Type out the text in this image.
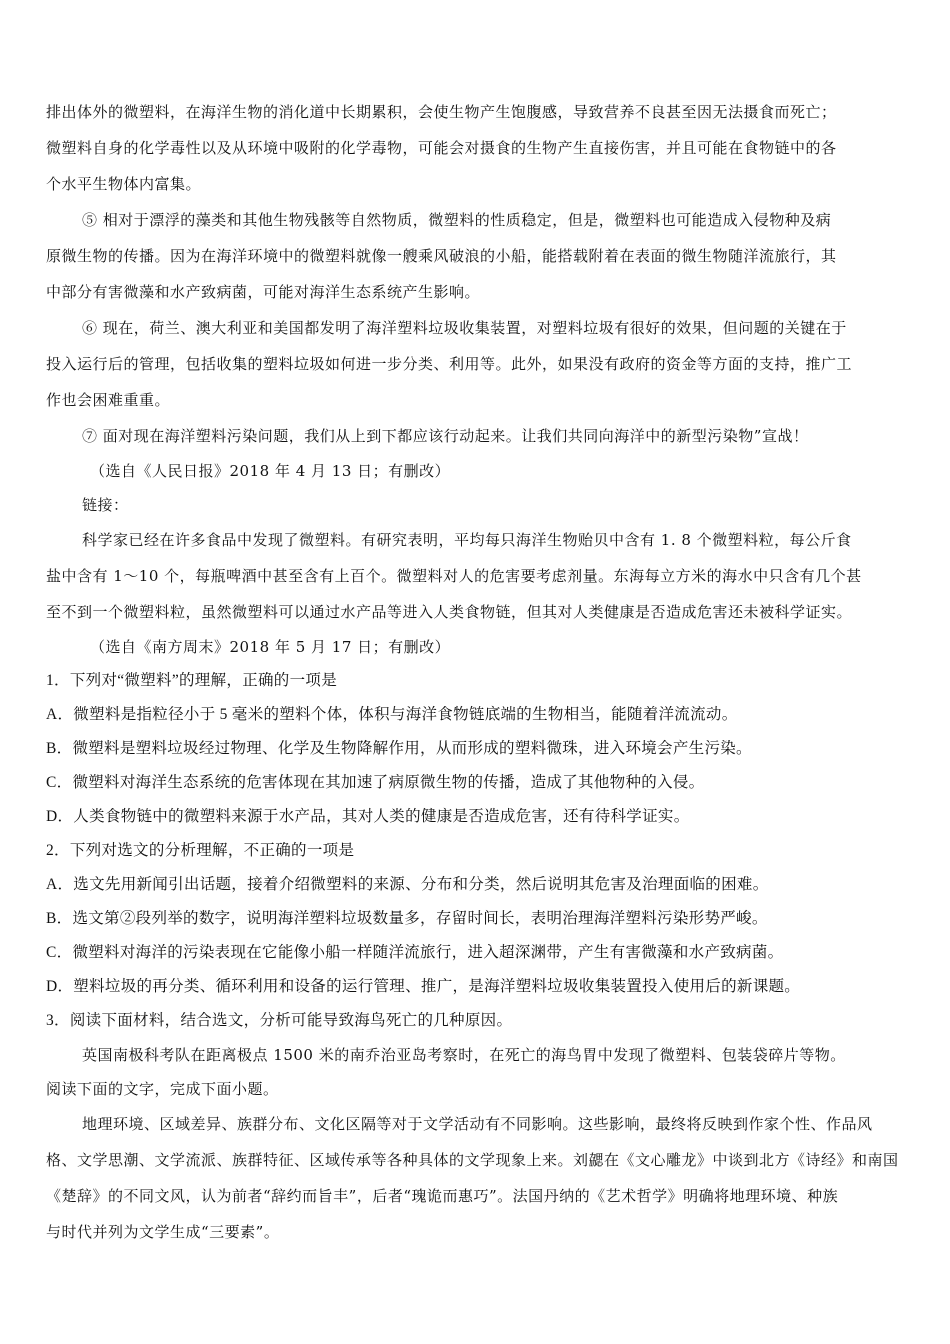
排出体外的微塑料，在海洋生物的消化道中长期累积，会使生物产生饱腹感，导致营养不良甚至因无法摄食而死亡；
微塑料自身的化学毒性以及从环境中吸附的化学毒物，可能会对摄食的生物产生直接伤害，并且可能在食物链中的各
个水平生物体内富集。
⑤ 相对于漂浮的藻类和其他生物残骸等自然物质，微塑料的性质稳定，但是，微塑料也可能造成入侵物种及病
原微生物的传播。因为在海洋环境中的微塑料就像一艘乘风破浪的小船，能搭载附着在表面的微生物随洋流旅行，其
中部分有害微藻和水产致病菌，可能对海洋生态系统产生影响。
⑥ 现在，荷兰、澳大利亚和美国都发明了海洋塑料垃圾收集装置，对塑料垃圾有很好的效果，但问题的关键在于
投入运行后的管理，包括收集的塑料垃圾如何进一步分类、利用等。此外，如果没有政府的资金等方面的支持，推广工
作也会困难重重。
⑦ 面对现在海洋塑料污染问题，我们从上到下都应该行动起来。让我们共同向海洋中的新型污染物”宣战！
（选自《人民日报》2018 年 4 月 13 日；有删改）
链接：
科学家已经在许多食品中发现了微塑料。有研究表明，平均每只海洋生物贻贝中含有 1. 8 个微塑料粒，每公斤食
盐中含有 1～10 个，每瓶啤酒中甚至含有上百个。微塑料对人的危害要考虑剂量。东海每立方米的海水中只含有几个甚
至不到一个微塑料粒，虽然微塑料可以通过水产品等进入人类食物链，但其对人类健康是否造成危害还未被科学证实。
（选自《南方周末》2018 年 5 月 17 日；有删改）
1．下列对“微塑料”的理解，正确的一项是
A．微塑料是指粒径小于 5 毫米的塑料个体，体积与海洋食物链底端的生物相当，能随着洋流流动。
B．微塑料是塑料垃圾经过物理、化学及生物降解作用，从而形成的塑料微珠，进入环境会产生污染。
C．微塑料对海洋生态系统的危害体现在其加速了病原微生物的传播，造成了其他物种的入侵。
D．人类食物链中的微塑料来源于水产品，其对人类的健康是否造成危害，还有待科学证实。
2．下列对选文的分析理解，不正确的一项是
A．选文先用新闻引出话题，接着介绍微塑料的来源、分布和分类，然后说明其危害及治理面临的困难。
B．选文第②段列举的数字，说明海洋塑料垃圾数量多，存留时间长，表明治理海洋塑料污染形势严峻。
C．微塑料对海洋的污染表现在它能像小船一样随洋流旅行，进入超深渊带，产生有害微藻和水产致病菌。
D．塑料垃圾的再分类、循环利用和设备的运行管理、推广，是海洋塑料垃圾收集装置投入使用后的新课题。
3．阅读下面材料，结合选文，分析可能导致海鸟死亡的几种原因。
英国南极科考队在距离极点 1500 米的南乔治亚岛考察时，在死亡的海鸟胃中发现了微塑料、包装袋碎片等物。
阅读下面的文字，完成下面小题。
地理环境、区域差异、族群分布、文化区隔等对于文学活动有不同影响。这些影响，最终将反映到作家个性、作品风
格、文学思潮、文学流派、族群特征、区域传承等各种具体的文学现象上来。刘勰在《文心雕龙》中谈到北方《诗经》和南国
《楚辞》的不同文风，认为前者“辞约而旨丰”，后者“瑰诡而惠巧”。法国丹纳的《艺术哲学》明确将地理环境、种族
与时代并列为文学生成“三要素”。
